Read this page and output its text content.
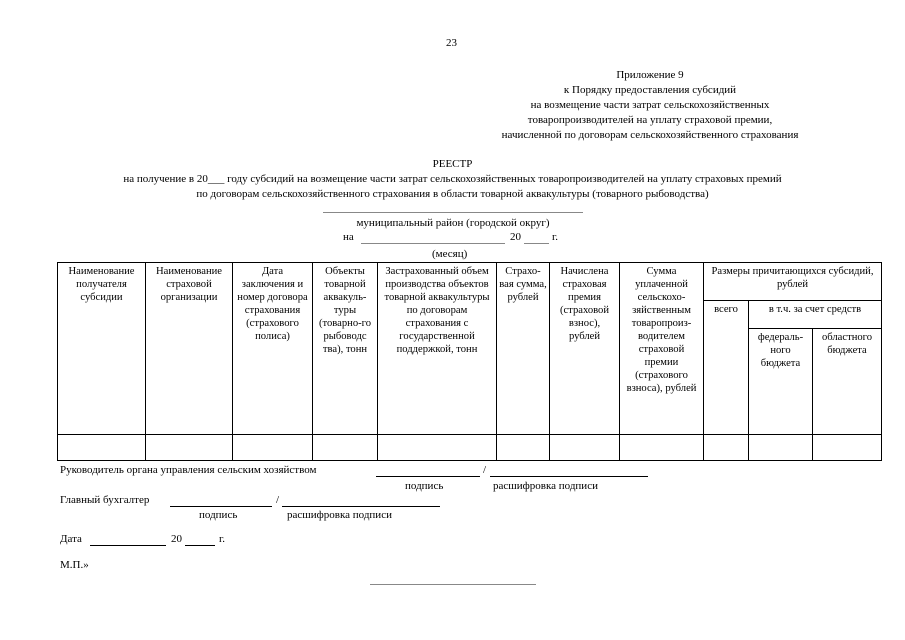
23
Приложение 9
к Порядку предоставления субсидий
на возмещение части затрат сельскохозяйственных
товаропроизводителей на уплату страховой премии,
начисленной по договорам сельскохозяйственного страхования
РЕЕСТР
на получение в 20___ году субсидий на возмещение части затрат сельскохозяйственных товаропроизводителей на уплату страховых премий
по договорам сельскохозяйственного страхования в области товарной аквакультуры (товарного рыбоводства)
муниципальный район (городской округ)
на	20	г.
(месяц)
Наименование получателя субсидии	Наименование страховой организации	Дата заключения и номер договора страхования (страхового полиса)	Объекты товарной аквакуль-туры (товарно-го рыбоводс тва), тонн	Застрахованный объем производства объектов товарной аквакультуры по договорам страхования с государственной поддержкой, тонн	Страхо-вая сумма, рублей	Начислена страховая премия (страховой взнос), рублей	Сумма уплаченной сельскохо-зяйственным товаропроиз-водителем страховой премии (страхового взноса), рублей	Размеры причитающихся субсидий, рублей		
								всего	в т.ч. за счет средств	
									федераль-ного бюджета	областного бюджета

Руководитель органа управления сельским хозяйством	/
подпись	расшифровка подписи
Главный бухгалтер	/
подпись	расшифровка подписи
Дата	20	г.
М.П.»
